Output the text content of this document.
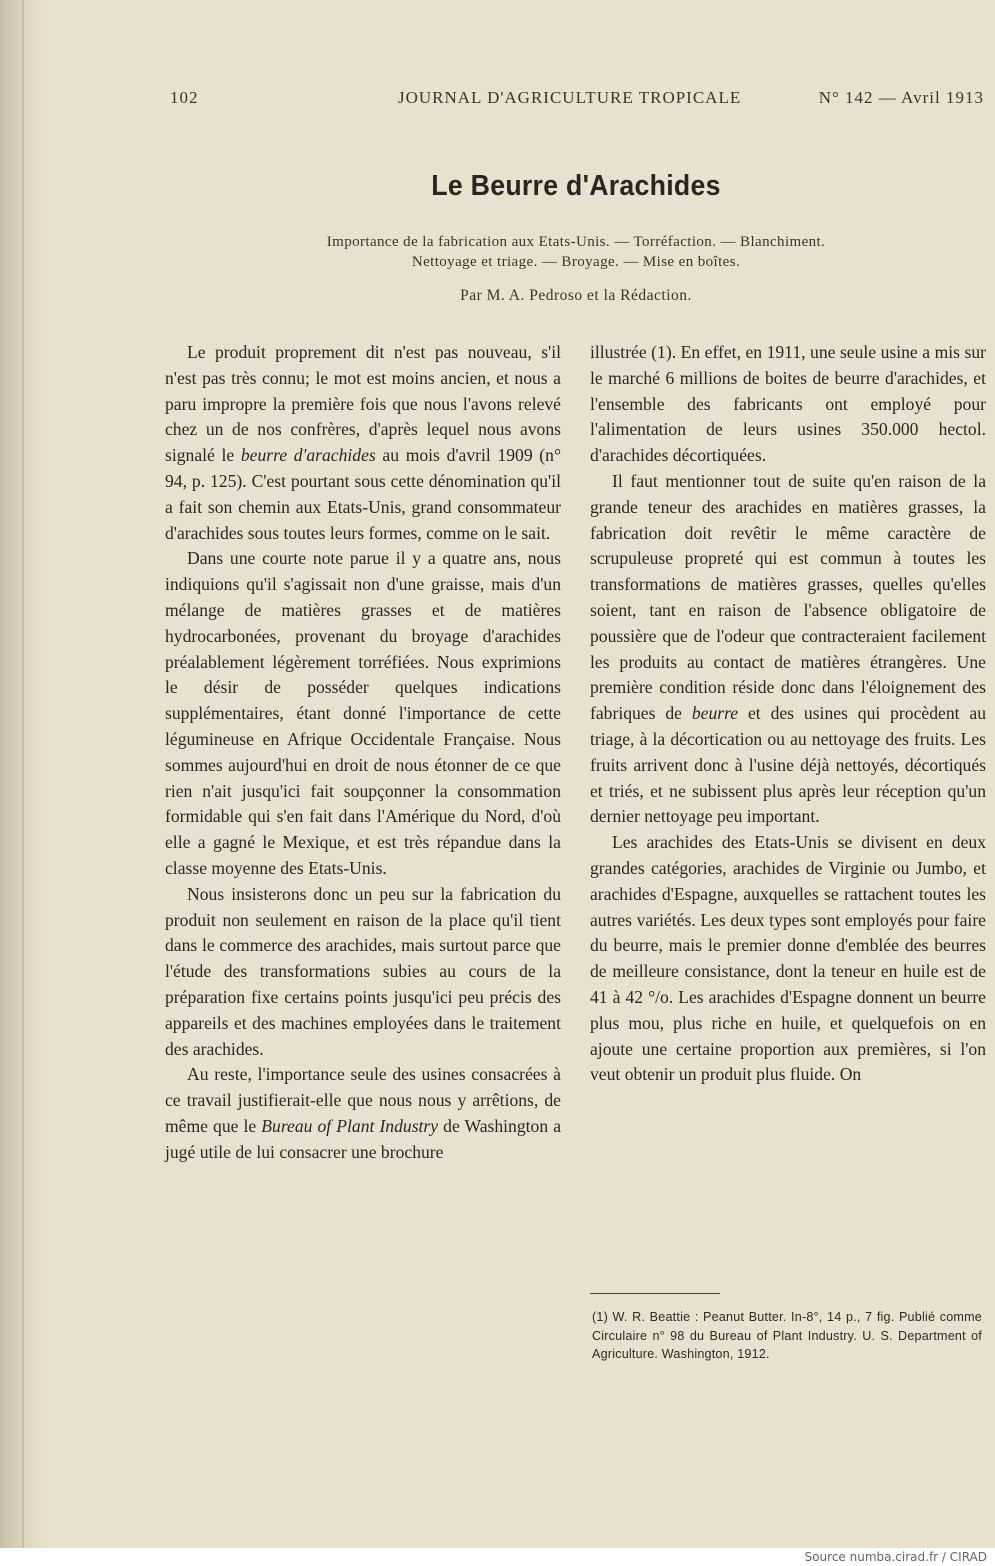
102	JOURNAL D'AGRICULTURE TROPICALE	N° 142 — Avril 1913
Le Beurre d'Arachides
Importance de la fabrication aux Etats-Unis. — Torréfaction. — Blanchiment.
Nettoyage et triage. — Broyage. — Mise en boîtes.
Par M. A. Pedroso et la Rédaction.

Le produit proprement dit n'est pas nouveau, s'il n'est pas très connu; le mot est moins ancien, et nous a paru impropre la première fois que nous l'avons relevé chez un de nos confrères, d'après lequel nous avons signalé le beurre d'arachides au mois d'avril 1909 (n° 94, p. 125). C'est pourtant sous cette dénomination qu'il a fait son chemin aux Etats-Unis, grand consommateur d'arachides sous toutes leurs formes, comme on le sait.

Dans une courte note parue il y a quatre ans, nous indiquions qu'il s'agissait non d'une graisse, mais d'un mélange de matières grasses et de matières hydrocarbonées, provenant du broyage d'arachides préalablement légèrement torréfiées. Nous exprimions le désir de posséder quelques indications supplémentaires, étant donné l'importance de cette légumineuse en Afrique Occidentale Française. Nous sommes aujourd'hui en droit de nous étonner de ce que rien n'ait jusqu'ici fait soupçonner la consommation formidable qui s'en fait dans l'Amérique du Nord, d'où elle a gagné le Mexique, et est très répandue dans la classe moyenne des Etats-Unis.

Nous insisterons donc un peu sur la fabrication du produit non seulement en raison de la place qu'il tient dans le commerce des arachides, mais surtout parce que l'étude des transformations subies au cours de la préparation fixe certains points jusqu'ici peu précis des appareils et des machines employées dans le traitement des arachides.

Au reste, l'importance seule des usines consacrées à ce travail justifierait-elle que nous nous y arrêtions, de même que le Bureau of Plant Industry de Washington a jugé utile de lui consacrer une brochure

illustrée (1). En effet, en 1911, une seule usine a mis sur le marché 6 millions de boites de beurre d'arachides, et l'ensemble des fabricants ont employé pour l'alimentation de leurs usines 350.000 hectol. d'arachides décortiquées.

Il faut mentionner tout de suite qu'en raison de la grande teneur des arachides en matières grasses, la fabrication doit revêtir le même caractère de scrupuleuse propreté qui est commun à toutes les transformations de matières grasses, quelles qu'elles soient, tant en raison de l'absence obligatoire de poussière que de l'odeur que contracteraient facilement les produits au contact de matières étrangères. Une première condition réside donc dans l'éloignement des fabriques de beurre et des usines qui procèdent au triage, à la décortication ou au nettoyage des fruits. Les fruits arrivent donc à l'usine déjà nettoyés, décortiqués et triés, et ne subissent plus après leur réception qu'un dernier nettoyage peu important.

Les arachides des Etats-Unis se divisent en deux grandes catégories, arachides de Virginie ou Jumbo, et arachides d'Espagne, auxquelles se rattachent toutes les autres variétés. Les deux types sont employés pour faire du beurre, mais le premier donne d'emblée des beurres de meilleure consistance, dont la teneur en huile est de 41 à 42 °/o. Les arachides d'Espagne donnent un beurre plus mou, plus riche en huile, et quelquefois on en ajoute une certaine proportion aux premières, si l'on veut obtenir un produit plus fluide. On

(1) W. R. Beattie : Peanut Butter. In-8°, 14 p., 7 fig. Publié comme Circulaire n° 98 du Bureau of Plant Industry. U. S. Department of Agriculture. Washington, 1912.

Source numba.cirad.fr / CIRAD
